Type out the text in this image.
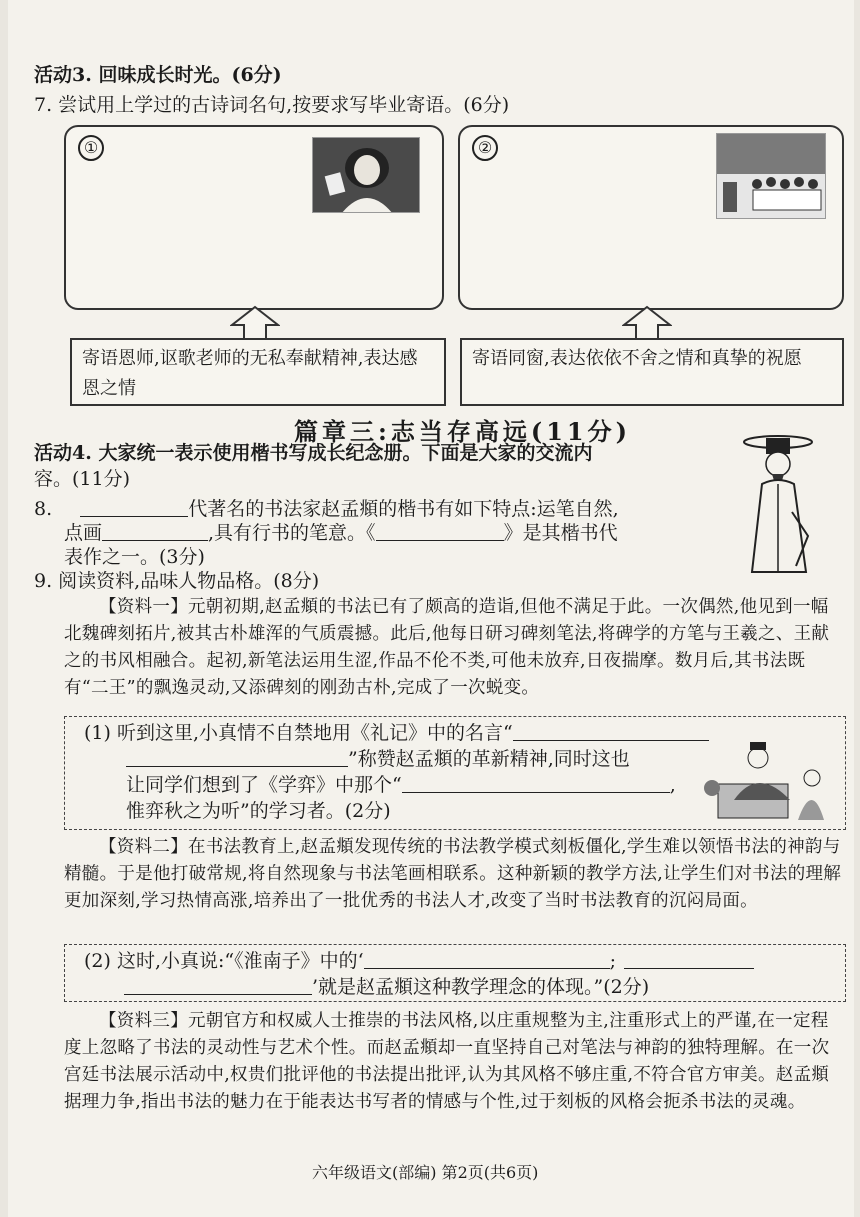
活动3. 回味成长时光。(6分)
7. 尝试用上学过的古诗词名句,按要求写毕业寄语。(6分)
①
寄语恩师,讴歌老师的无私奉献精神,表达感恩之情
②
寄语同窗,表达依依不舍之情和真挚的祝愿
篇章三:志当存高远(11分)
活动4. 大家统一表示使用楷书写成长纪念册。下面是大家的交流内
容。(11分)
8.	代著名的书法家赵孟頫的楷书有如下特点:运笔自然,
点画	,具有行书的笔意。《	》是其楷书代
表作之一。(3分)
9. 阅读资料,品味人物品格。(8分)
【资料一】元朝初期,赵孟頫的书法已有了颇高的造诣,但他不满足于此。一次偶然,他见到一幅北魏碑刻拓片,被其古朴雄浑的气质震撼。此后,他每日研习碑刻笔法,将碑学的方笔与王羲之、王献之的书风相融合。起初,新笔法运用生涩,作品不伦不类,可他未放弃,日夜揣摩。数月后,其书法既有“二王”的飘逸灵动,又添碑刻的刚劲古朴,完成了一次蜕变。
(1) 听到这里,小真情不自禁地用《礼记》中的名言“
”称赞赵孟頫的革新精神,同时这也
让同学们想到了《学弈》中那个“	,
惟弈秋之为听”的学习者。(2分)
【资料二】在书法教育上,赵孟頫发现传统的书法教学模式刻板僵化,学生难以领悟书法的神韵与精髓。于是他打破常规,将自然现象与书法笔画相联系。这种新颖的教学方法,让学生们对书法的理解更加深刻,学习热情高涨,培养出了一批优秀的书法人才,改变了当时书法教育的沉闷局面。
(2) 这时,小真说:“《淮南子》中的‘	;
’就是赵孟頫这种教学理念的体现。”(2分)
【资料三】元朝官方和权威人士推崇的书法风格,以庄重规整为主,注重形式上的严谨,在一定程度上忽略了书法的灵动性与艺术个性。而赵孟頫却一直坚持自己对笔法与神韵的独特理解。在一次宫廷书法展示活动中,权贵们批评他的书法提出批评,认为其风格不够庄重,不符合官方审美。赵孟頫据理力争,指出书法的魅力在于能表达书写者的情感与个性,过于刻板的风格会扼杀书法的灵魂。
六年级语文(部编) 第2页(共6页)
